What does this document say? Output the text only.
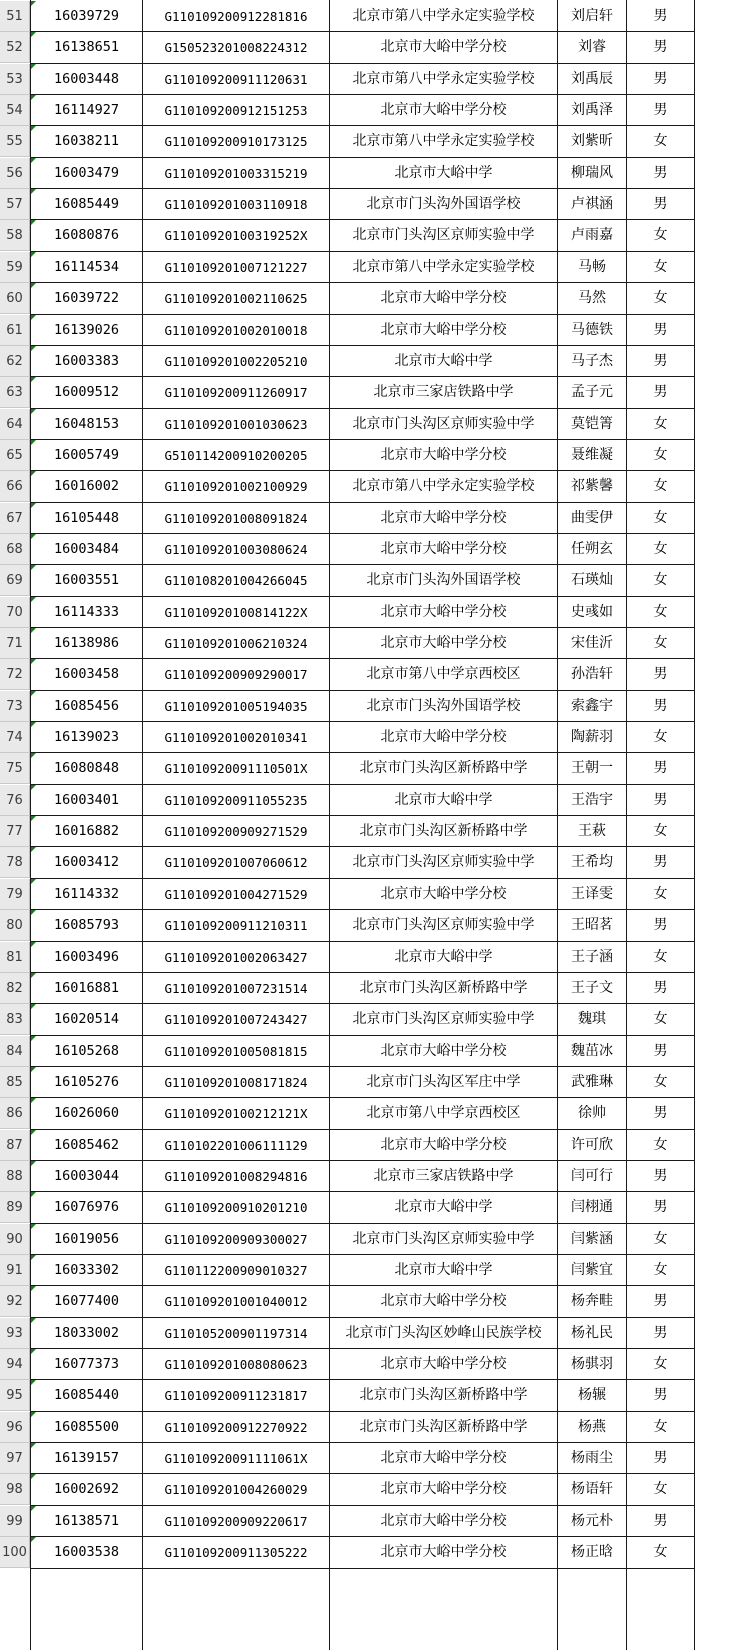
51	16039729	G110109200912281816	北京市第八中学永定实验学校	刘启轩	男
52	16138651	G150523201008224312	北京市大峪中学分校	刘睿	男
53	16003448	G110109200911120631	北京市第八中学永定实验学校	刘禹辰	男
54	16114927	G110109200912151253	北京市大峪中学分校	刘禹泽	男
55	16038211	G110109200910173125	北京市第八中学永定实验学校	刘紫昕	女
56	16003479	G110109201003315219	北京市大峪中学	柳瑞风	男
57	16085449	G110109201003110918	北京市门头沟外国语学校	卢祺涵	男
58	16080876	G11010920100319252X	北京市门头沟区京师实验中学	卢雨嘉	女
59	16114534	G110109201007121227	北京市第八中学永定实验学校	马畅	女
60	16039722	G110109201002110625	北京市大峪中学分校	马然	女
61	16139026	G110109201002010018	北京市大峪中学分校	马德铁	男
62	16003383	G110109201002205210	北京市大峪中学	马子杰	男
63	16009512	G110109200911260917	北京市三家店铁路中学	孟子元	男
64	16048153	G110109201001030623	北京市门头沟区京师实验中学	莫铠箐	女
65	16005749	G510114200910200205	北京市大峪中学分校	聂维凝	女
66	16016002	G110109201002100929	北京市第八中学永定实验学校	祁紫馨	女
67	16105448	G110109201008091824	北京市大峪中学分校	曲雯伊	女
68	16003484	G110109201003080624	北京市大峪中学分校	任朔玄	女
69	16003551	G110108201004266045	北京市门头沟外国语学校	石瑛灿	女
70	16114333	G11010920100814122X	北京市大峪中学分校	史彧如	女
71	16138986	G110109201006210324	北京市大峪中学分校	宋佳沂	女
72	16003458	G110109200909290017	北京市第八中学京西校区	孙浩轩	男
73	16085456	G110109201005194035	北京市门头沟外国语学校	索鑫宇	男
74	16139023	G110109201002010341	北京市大峪中学分校	陶薪羽	女
75	16080848	G11010920091110501X	北京市门头沟区新桥路中学	王朝一	男
76	16003401	G110109200911055235	北京市大峪中学	王浩宇	男
77	16016882	G110109200909271529	北京市门头沟区新桥路中学	王萩	女
78	16003412	G110109201007060612	北京市门头沟区京师实验中学	王希均	男
79	16114332	G110109201004271529	北京市大峪中学分校	王译雯	女
80	16085793	G110109200911210311	北京市门头沟区京师实验中学	王昭茗	男
81	16003496	G110109201002063427	北京市大峪中学	王子涵	女
82	16016881	G110109201007231514	北京市门头沟区新桥路中学	王子文	男
83	16020514	G110109201007243427	北京市门头沟区京师实验中学	魏琪	女
84	16105268	G110109201005081815	北京市大峪中学分校	魏茁冰	男
85	16105276	G110109201008171824	北京市门头沟区军庄中学	武雅琳	女
86	16026060	G11010920100212121X	北京市第八中学京西校区	徐帅	男
87	16085462	G110102201006111129	北京市大峪中学分校	许可欣	女
88	16003044	G110109201008294816	北京市三家店铁路中学	闫可行	男
89	16076976	G110109200910201210	北京市大峪中学	闫栩通	男
90	16019056	G110109200909300027	北京市门头沟区京师实验中学	闫紫涵	女
91	16033302	G110112200909010327	北京市大峪中学	闫紫宜	女
92	16077400	G110109201001040012	北京市大峪中学分校	杨奔畦	男
93	18033002	G110105200901197314	北京市门头沟区妙峰山民族学校	杨礼民	男
94	16077373	G110109201008080623	北京市大峪中学分校	杨骐羽	女
95	16085440	G110109200911231817	北京市门头沟区新桥路中学	杨辗	男
96	16085500	G110109200912270922	北京市门头沟区新桥路中学	杨燕	女
97	16139157	G11010920091111061X	北京市大峪中学分校	杨雨尘	男
98	16002692	G110109201004260029	北京市大峪中学分校	杨语轩	女
99	16138571	G110109200909220617	北京市大峪中学分校	杨元朴	男
100	16003538	G110109200911305222	北京市大峪中学分校	杨正晗	女
